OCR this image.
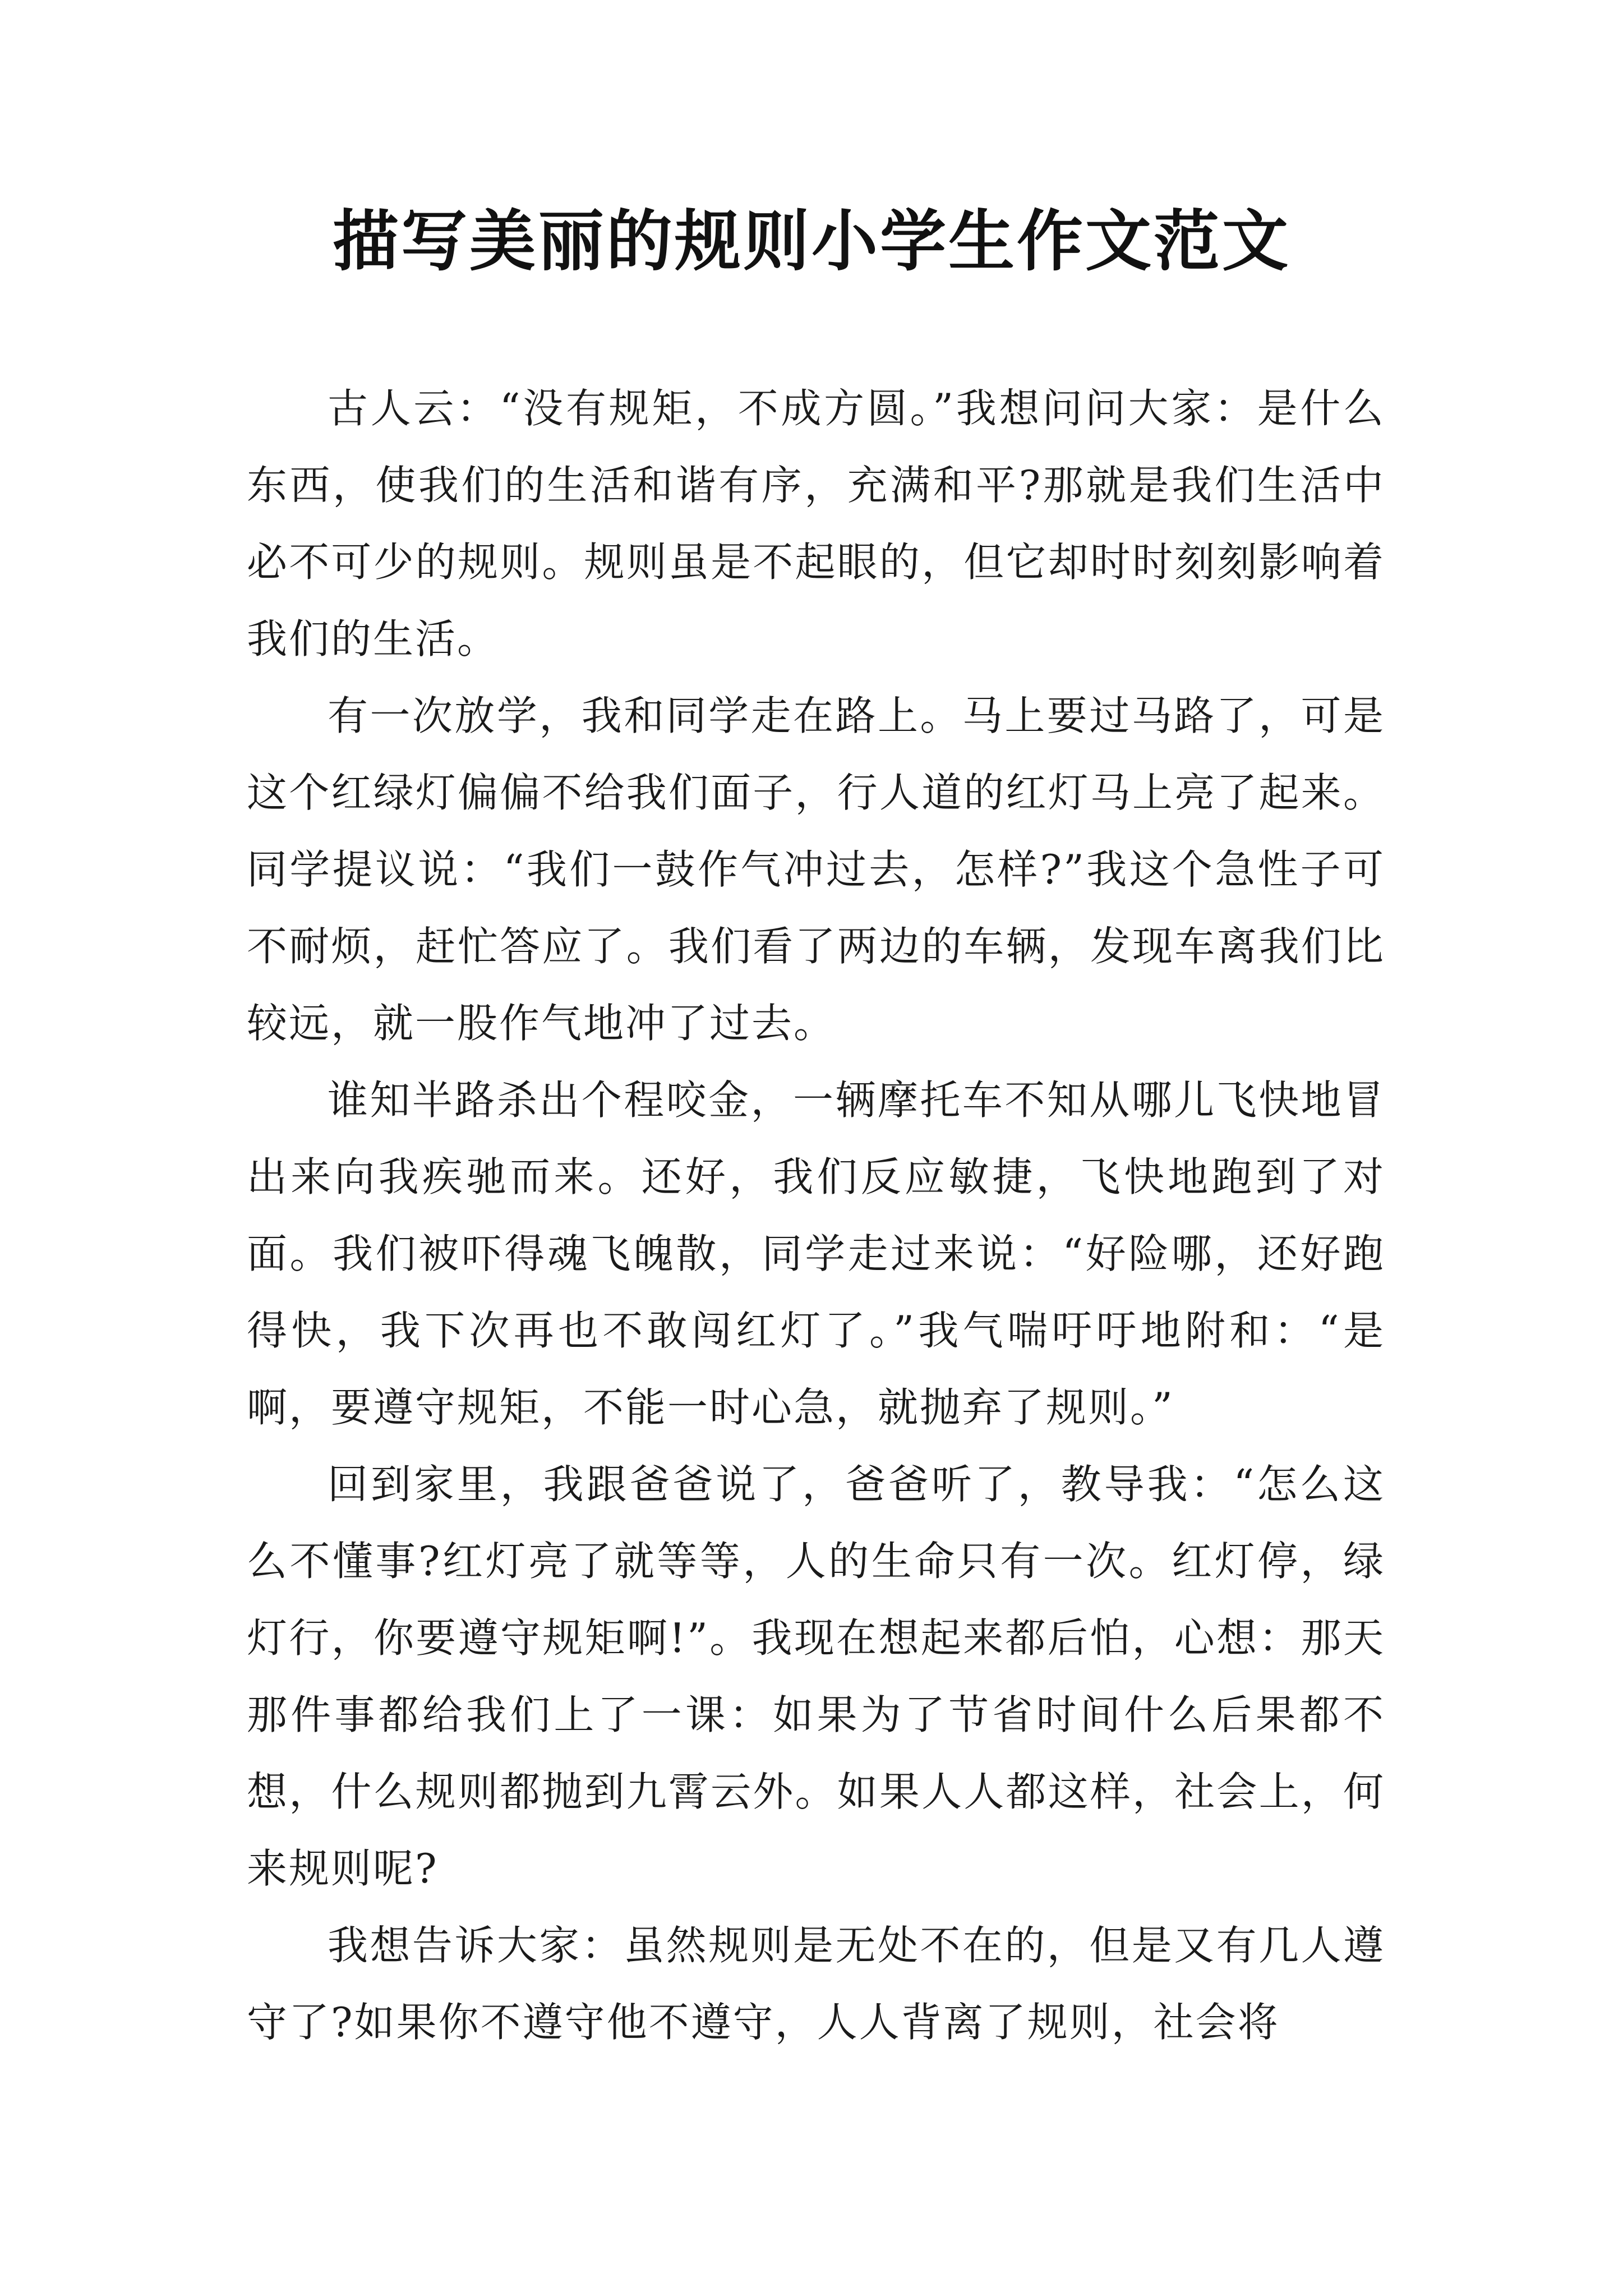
描写美丽的规则小学生作文范文

古人云：“没有规矩，不成方圆。”我想问问大家：是什么东西，使我们的生活和谐有序，充满和平?那就是我们生活中必不可少的规则。规则虽是不起眼的，但它却时时刻刻影响着我们的生活。

有一次放学，我和同学走在路上。马上要过马路了，可是这个红绿灯偏偏不给我们面子，行人道的红灯马上亮了起来。同学提议说：“我们一鼓作气冲过去，怎样?”我这个急性子可不耐烦，赶忙答应了。我们看了两边的车辆，发现车离我们比较远，就一股作气地冲了过去。

谁知半路杀出个程咬金，一辆摩托车不知从哪儿飞快地冒出来向我疾驰而来。还好，我们反应敏捷，飞快地跑到了对面。我们被吓得魂飞魄散，同学走过来说：“好险哪，还好跑得快，我下次再也不敢闯红灯了。”我气喘吁吁地附和：“是啊，要遵守规矩，不能一时心急，就抛弃了规则。”

回到家里，我跟爸爸说了，爸爸听了，教导我：“怎么这么不懂事?红灯亮了就等等，人的生命只有一次。红灯停，绿灯行，你要遵守规矩啊!”。我现在想起来都后怕，心想：那天那件事都给我们上了一课：如果为了节省时间什么后果都不想，什么规则都抛到九霄云外。如果人人都这样，社会上，何来规则呢?

我想告诉大家：虽然规则是无处不在的，但是又有几人遵守了?如果你不遵守他不遵守，人人背离了规则，社会将
